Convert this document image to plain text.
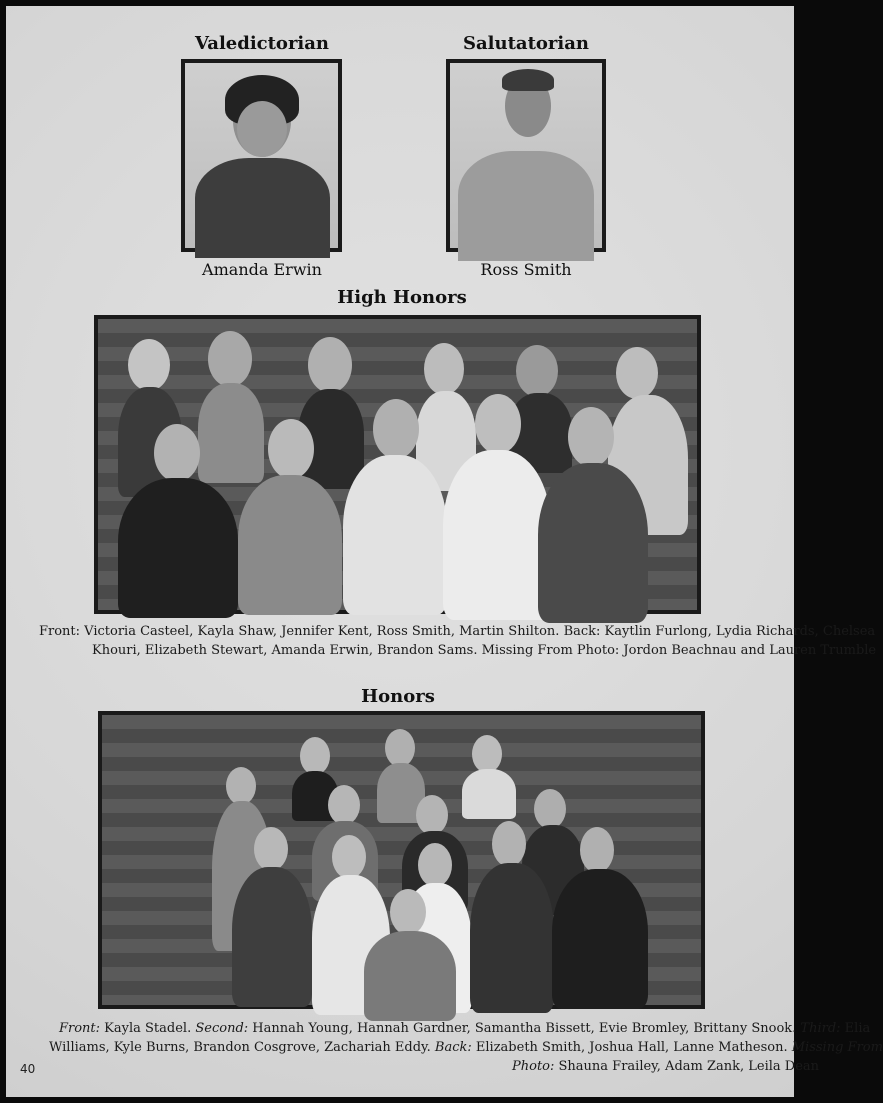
Valedictorian
Amanda Erwin
Salutatorian
Ross Smith
High Honors
Front: Victoria Casteel, Kayla Shaw, Jennifer Kent, Ross Smith, Martin Shilton. Back: Kaytlin Furlong, Lydia Richards, Chelsea
Khouri, Elizabeth Stewart, Amanda Erwin, Brandon Sams. Missing From Photo: Jordon Beachnau and Lauren Trumble
Honors
Front: Kayla Stadel. Second: Hannah Young, Hannah Gardner, Samantha Bissett, Evie Bromley, Brittany Snook. Third: Elia
Williams, Kyle Burns, Brandon Cosgrove, Zachariah Eddy. Back: Elizabeth Smith, Joshua Hall, Lanne Matheson. Missing From
Photo: Shauna Frailey, Adam Zank, Leila Dean
40
